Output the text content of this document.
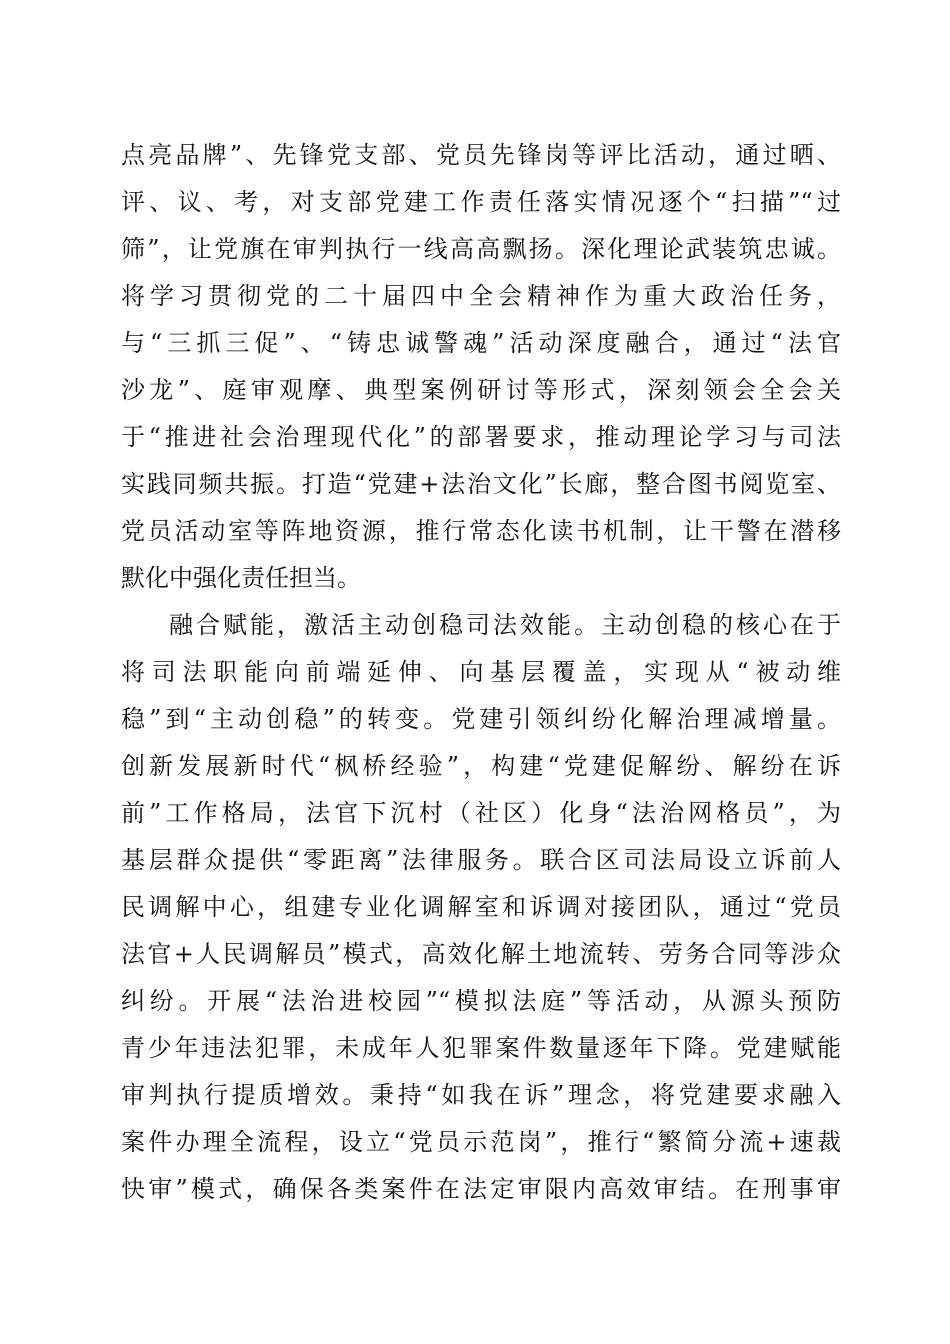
点亮品牌”、先锋党支部、党员先锋岗等评比活动，通过晒、
评、议、考，对支部党建工作责任落实情况逐个“扫描”“过
筛”，让党旗在审判执行一线高高飘扬。深化理论武装筑忠诚。
将学习贯彻党的二十届四中全会精神作为重大政治任务，
与“三抓三促”、“铸忠诚警魂”活动深度融合，通过“法官
沙龙”、庭审观摩、典型案例研讨等形式，深刻领会全会关
于“推进社会治理现代化”的部署要求，推动理论学习与司法
实践同频共振。打造“党建+法治文化”长廊，整合图书阅览室、
党员活动室等阵地资源，推行常态化读书机制，让干警在潜移
默化中强化责任担当。
融合赋能，激活主动创稳司法效能。主动创稳的核心在于
将司法职能向前端延伸、向基层覆盖，实现从“被动维
稳”到“主动创稳”的转变。党建引领纠纷化解治理减增量。
创新发展新时代“枫桥经验”，构建“党建促解纷、解纷在诉
前”工作格局，法官下沉村（社区）化身“法治网格员”，为
基层群众提供“零距离”法律服务。联合区司法局设立诉前人
民调解中心，组建专业化调解室和诉调对接团队，通过“党员
法官+人民调解员”模式，高效化解土地流转、劳务合同等涉众
纠纷。开展“法治进校园”“模拟法庭”等活动，从源头预防
青少年违法犯罪，未成年人犯罪案件数量逐年下降。党建赋能
审判执行提质增效。秉持“如我在诉”理念，将党建要求融入
案件办理全流程，设立“党员示范岗”，推行“繁简分流+速裁
快审”模式，确保各类案件在法定审限内高效审结。在刑事审
